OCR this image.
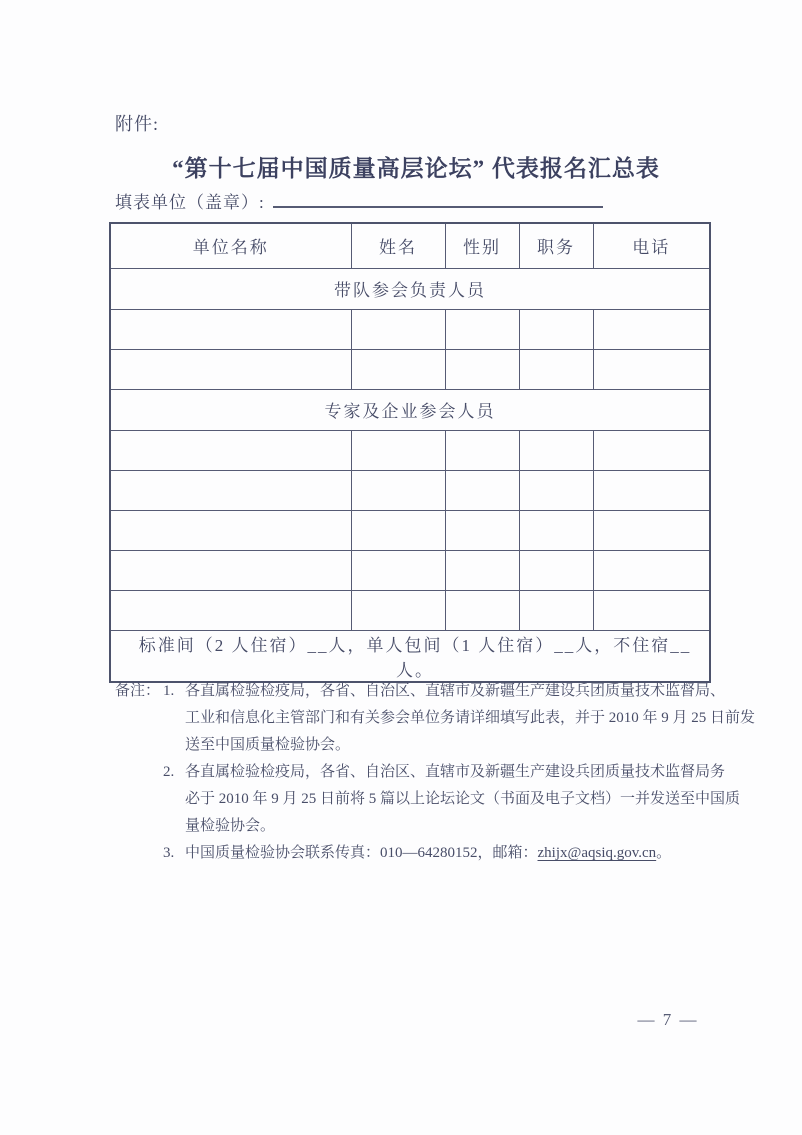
附件:
“第十七届中国质量高层论坛” 代表报名汇总表
填表单位（盖章）:
单位名称	姓名	性别	职务	电话
带队参会负责人员				

专家及企业参会人员				

标准间（2 人住宿）__人，单人包间（1 人住宿）__人，不住宿__人。				
备注： 1. 各直属检验检疫局，各省、自治区、直辖市及新疆生产建设兵团质量技术监督局、
工业和信息化主管部门和有关参会单位务请详细填写此表，并于 2010 年 9 月 25 日前发
送至中国质量检验协会。
2. 各直属检验检疫局，各省、自治区、直辖市及新疆生产建设兵团质量技术监督局务
必于 2010 年 9 月 25 日前将 5 篇以上论坛论文（书面及电子文档）一并发送至中国质
量检验协会。
3. 中国质量检验协会联系传真：010—64280152，邮箱：zhijx@aqsiq.gov.cn。
— 7 —
